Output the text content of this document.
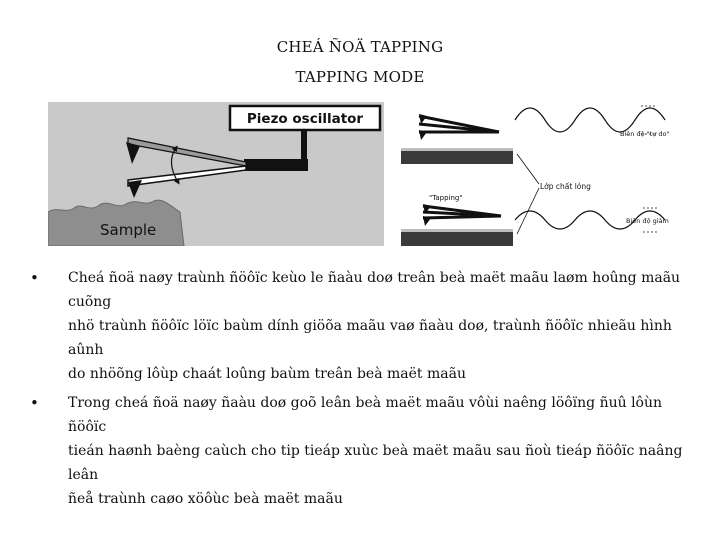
CHEÁ ÑOÄ TAPPING
TAPPING MODE
Piezo oscillator
Sample
Lớp chất lỏng
"Tapping"
Biên độ "tự do"
Biên độ giảm
• Cheá ñoä naøy traùnh ñöôïc keùo le ñaàu doø treân beà maët maãu laøm hoûng maãu cuõng
nhö traùnh ñöôïc löïc baùm dính giöõa maãu vaø ñaàu doø, traùnh ñöôïc nhieãu hình aûnh
do nhöõng lôùp chaát loûng baùm treân beà maët maãu
• Trong cheá ñoä naøy ñaàu doø goõ leân beà maët maãu vôùi naêng löôïng ñuû lôùn ñöôïc
tieán haønh baèng caùch cho tip tieáp xuùc beà maët maãu sau ñoù tieáp ñöôïc naâng leân
ñeå traùnh caøo xöôùc beà maët maãu
